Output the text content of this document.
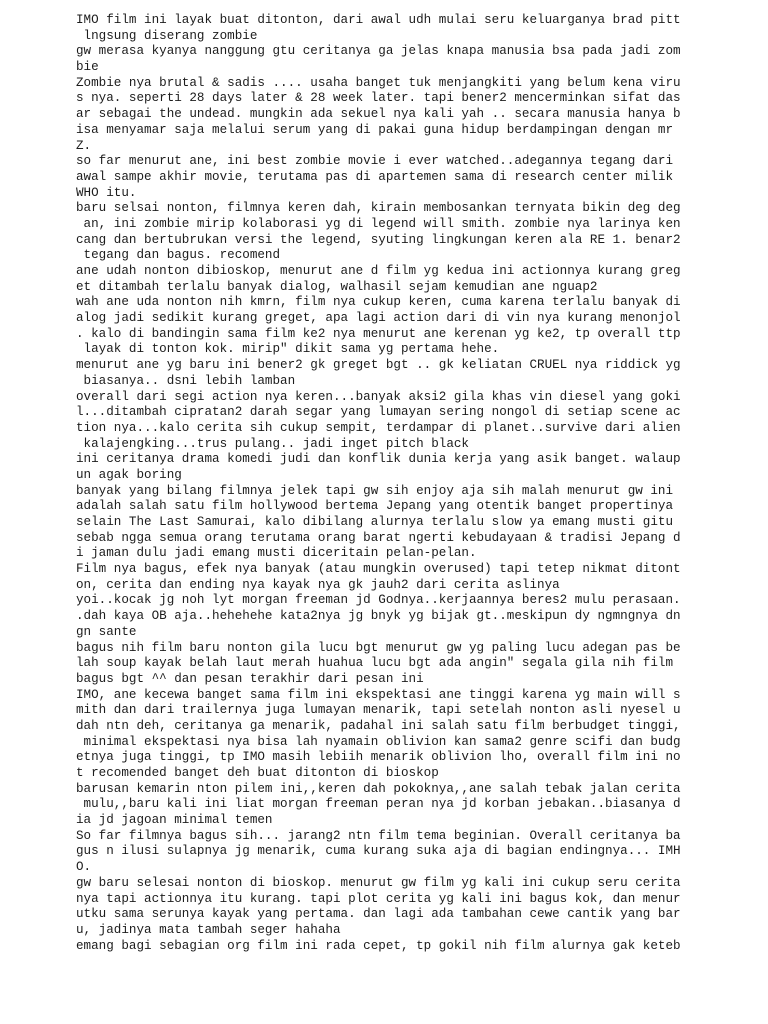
IMO film ini layak buat ditonton, dari awal udh mulai seru keluarganya brad pitt
lngsung diserang zombie
gw merasa kyanya nanggung gtu ceritanya ga jelas knapa manusia bsa pada jadi zom
bie
Zombie nya brutal & sadis .... usaha banget tuk menjangkiti yang belum kena viru
s nya. seperti 28 days later & 28 week later. tapi bener2 mencerminkan sifat das
ar sebagai the undead. mungkin ada sekuel nya kali yah .. secara manusia hanya b
isa menyamar saja melalui serum yang di pakai guna hidup berdampingan dengan mr
Z.
so far menurut ane, ini best zombie movie i ever watched..adegannya tegang dari
awal sampe akhir movie, terutama pas di apartemen sama di research center milik
WHO itu.
baru selsai nonton, filmnya keren dah, kirain membosankan ternyata bikin deg deg
an, ini zombie mirip kolaborasi yg di legend will smith. zombie nya larinya ken
cang dan bertubrukan versi the legend, syuting lingkungan keren ala RE 1. benar2
tegang dan bagus. recomend
ane udah nonton dibioskop, menurut ane d film yg kedua ini actionnya kurang greg
et ditambah terlalu banyak dialog, walhasil sejam kemudian ane nguap2
wah ane uda nonton nih kmrn, film nya cukup keren, cuma karena terlalu banyak di
alog jadi sedikit kurang greget, apa lagi action dari di vin nya kurang menonjol
. kalo di bandingin sama film ke2 nya menurut ane kerenan yg ke2, tp overall ttp
layak di tonton kok. mirip" dikit sama yg pertama hehe.
menurut ane yg baru ini bener2 gk greget bgt .. gk keliatan CRUEL nya riddick yg
biasanya.. dsni lebih lamban
overall dari segi action nya keren...banyak aksi2 gila khas vin diesel yang goki
l...ditambah cipratan2 darah segar yang lumayan sering nongol di setiap scene ac
tion nya...kalo cerita sih cukup sempit, terdampar di planet..survive dari alien
kalajengking...trus pulang.. jadi inget pitch black
ini ceritanya drama komedi judi dan konflik dunia kerja yang asik banget. walaup
un agak boring
banyak yang bilang filmnya jelek tapi gw sih enjoy aja sih malah menurut gw ini
adalah salah satu film hollywood bertema Jepang yang otentik banget propertinya
selain The Last Samurai, kalo dibilang alurnya terlalu slow ya emang musti gitu
sebab ngga semua orang terutama orang barat ngerti kebudayaan & tradisi Jepang d
i jaman dulu jadi emang musti diceritain pelan-pelan.
Film nya bagus, efek nya banyak (atau mungkin overused) tapi tetep nikmat ditont
on, cerita dan ending nya kayak nya gk jauh2 dari cerita aslinya
yoi..kocak jg noh lyt morgan freeman jd Godnya..kerjaannya beres2 mulu perasaan.
.dah kaya OB aja..hehehehe kata2nya jg bnyk yg bijak gt..meskipun dy ngmngnya dn
gn sante
bagus nih film baru nonton gila lucu bgt menurut gw yg paling lucu adegan pas be
lah soup kayak belah laut merah huahua lucu bgt ada angin" segala gila nih film
bagus bgt ^^ dan pesan terakhir dari pesan ini
IMO, ane kecewa banget sama film ini ekspektasi ane tinggi karena yg main will s
mith dan dari trailernya juga lumayan menarik, tapi setelah nonton asli nyesel u
dah ntn deh, ceritanya ga menarik, padahal ini salah satu film berbudget tinggi,
minimal ekspektasi nya bisa lah nyamain oblivion kan sama2 genre scifi dan budg
etnya juga tinggi, tp IMO masih lebiih menarik oblivion lho, overall film ini no
t recomended banget deh buat ditonton di bioskop
barusan kemarin nton pilem ini,,keren dah pokoknya,,ane salah tebak jalan cerita
mulu,,baru kali ini liat morgan freeman peran nya jd korban jebakan..biasanya d
ia jd jagoan minimal temen
So far filmnya bagus sih... jarang2 ntn film tema beginian. Overall ceritanya ba
gus n ilusi sulapnya jg menarik, cuma kurang suka aja di bagian endingnya... IMH
O.
gw baru selesai nonton di bioskop. menurut gw film yg kali ini cukup seru cerita
nya tapi actionnya itu kurang. tapi plot cerita yg kali ini bagus kok, dan menur
utku sama serunya kayak yang pertama. dan lagi ada tambahan cewe cantik yang bar
u, jadinya mata tambah seger hahaha
emang bagi sebagian org film ini rada cepet, tp gokil nih film alurnya gak keteb
